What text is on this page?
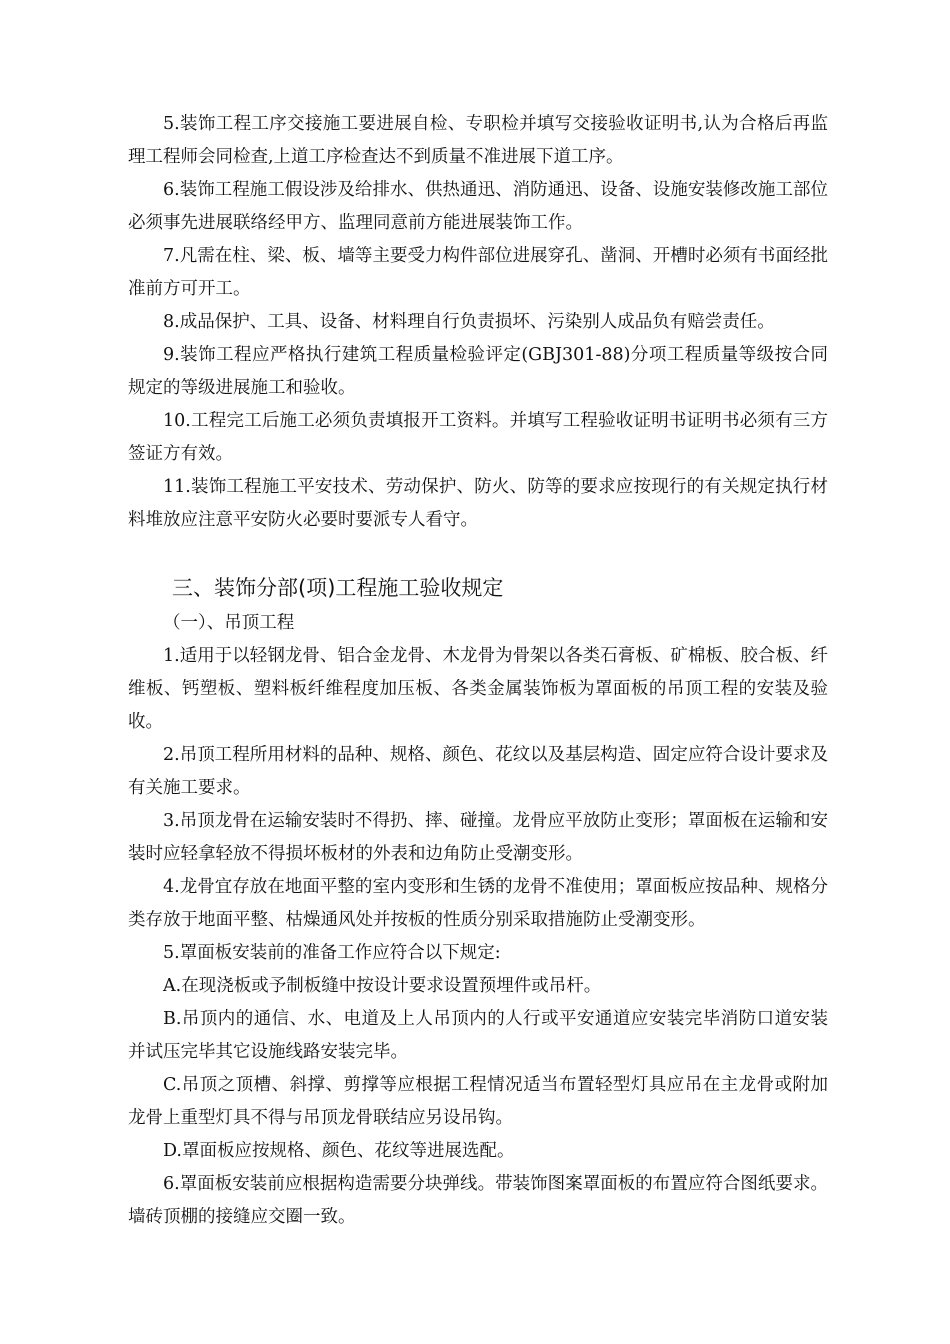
5.装饰工程工序交接施工要进展自检、专职检并填写交接验收证明书,认为合格后再监理工程师会同检查,上道工序检查达不到质量不准进展下道工序。

6.装饰工程施工假设涉及给排水、供热通迅、消防通迅、设备、设施安装修改施工部位必须事先进展联络经甲方、监理同意前方能进展装饰工作。

7.凡需在柱、梁、板、墙等主要受力构件部位进展穿孔、凿洞、开槽时必须有书面经批准前方可开工。

8.成品保护、工具、设备、材料理自行负责损坏、污染别人成品负有赔尝责任。

9.装饰工程应严格执行建筑工程质量检验评定(GBJ301-88)分项工程质量等级按合同规定的等级进展施工和验收。

10.工程完工后施工必须负责填报开工资料。并填写工程验收证明书证明书必须有三方签证方有效。

11.装饰工程施工平安技术、劳动保护、防火、防等的要求应按现行的有关规定执行材料堆放应注意平安防火必要时要派专人看守。

三、装饰分部(项)工程施工验收规定

（一）、吊顶工程

1.适用于以轻钢龙骨、铝合金龙骨、木龙骨为骨架以各类石膏板、矿棉板、胶合板、纤维板、钙塑板、塑料板纤维程度加压板、各类金属装饰板为罩面板的吊顶工程的安装及验收。

2.吊顶工程所用材料的品种、规格、颜色、花纹以及基层构造、固定应符合设计要求及有关施工要求。

3.吊顶龙骨在运输安装时不得扔、摔、碰撞。龙骨应平放防止变形；罩面板在运输和安装时应轻拿轻放不得损坏板材的外表和边角防止受潮变形。

4.龙骨宜存放在地面平整的室内变形和生锈的龙骨不准使用；罩面板应按品种、规格分类存放于地面平整、枯燥通风处并按板的性质分别采取措施防止受潮变形。

5.罩面板安装前的准备工作应符合以下规定:

A.在现浇板或予制板缝中按设计要求设置预埋件或吊杆。

B.吊顶内的通信、水、电道及上人吊顶内的人行或平安通道应安装完毕消防口道安装并试压完毕其它设施线路安装完毕。

C.吊顶之顶槽、斜撑、剪撑等应根据工程情况适当布置轻型灯具应吊在主龙骨或附加龙骨上重型灯具不得与吊顶龙骨联结应另设吊钩。

D.罩面板应按规格、颜色、花纹等进展选配。

6.罩面板安装前应根据构造需要分块弹线。带装饰图案罩面板的布置应符合图纸要求。墙砖顶棚的接缝应交圈一致。
